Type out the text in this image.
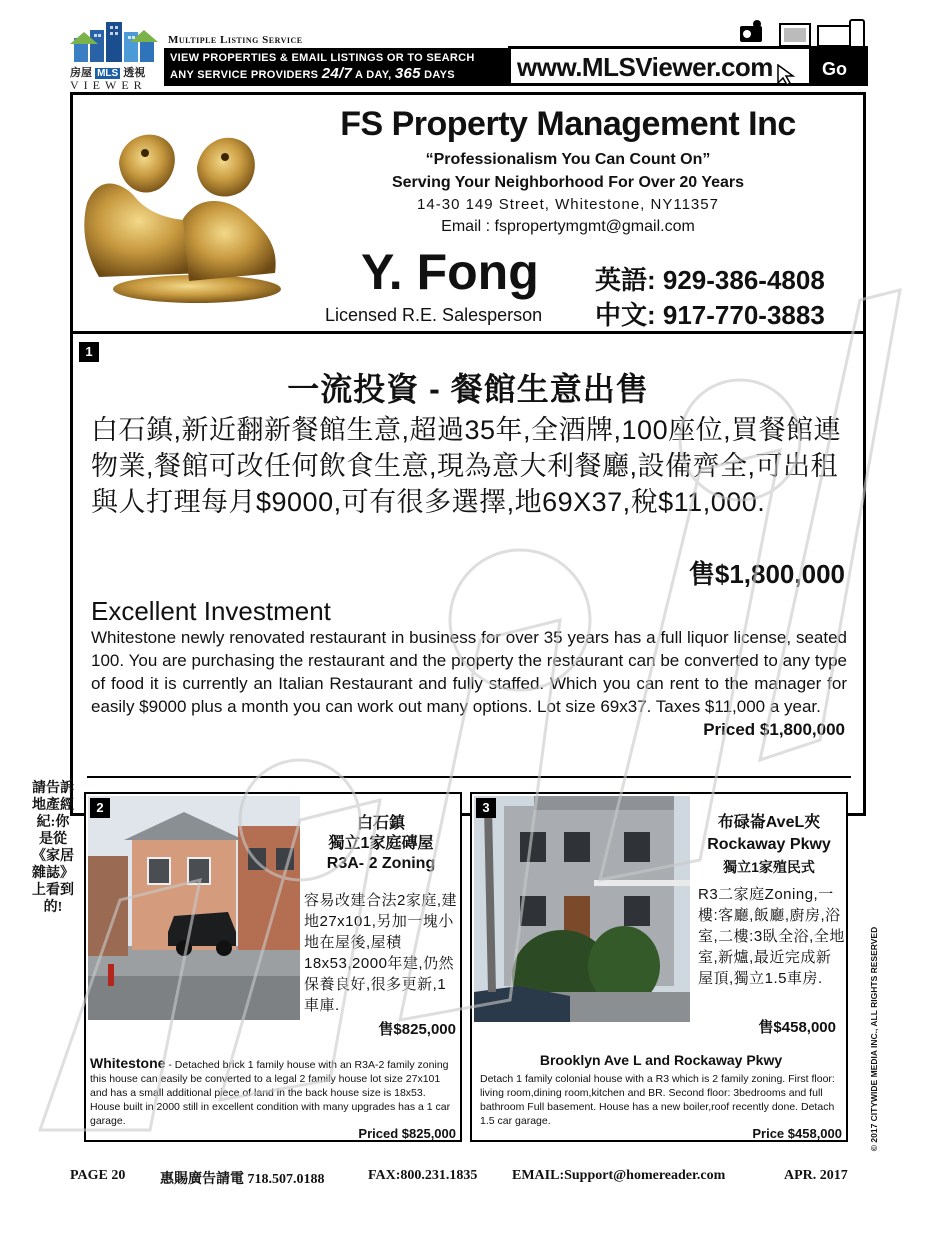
房屋 MLS 透視
VIEWER
Multiple Listing Service
VIEW PROPERTIES & EMAIL LISTINGS OR TO SEARCH
ANY SERVICE PROVIDERS 24/7 A DAY, 365 DAYS	www.MLSViewer.com	Go
FS Property Management Inc
“Professionalism You Can Count On”
Serving Your Neighborhood For Over 20 Years
14-30 149 Street, Whitestone, NY11357
Email : fspropertymgmt@gmail.com
Y. Fong
Licensed R.E. Salesperson
英語: 929-386-4808
中文: 917-770-3883
1
一流投資 - 餐館生意出售
白石鎮,新近翻新餐館生意,超過35年,全酒牌,100座位,買餐館連物業,餐館可改任何飲食生意,現為意大利餐廳,設備齊全,可出租與人打理每月$9000,可有很多選擇,地69X37,稅$11,000.
售$1,800,000
Excellent Investment
Whitestone newly renovated restaurant in business for over 35 years has a full liquor license, seated 100. You are purchasing the restaurant and the property the restaurant can be converted to any type of food it is currently an Italian Restaurant and fully staffed. Which you can rent to the manager for easily $9000 plus a month you can work out many options. Lot size 69x37. Taxes $11,000 a year.
Priced $1,800,000
2
白石鎮
獨立1家庭磚屋
R3A- 2 Zoning
容易改建合法2家庭,建地27x101,另加一塊小地在屋後,屋積18x53,2000年建,仍然保養良好,很多更新,1車庫.
售$825,000
Whitestone - Detached brick 1 family house with an R3A-2 family zoning this house can easily be converted to a legal 2 family house lot size 27x101 and has a small additional piece of land in the back house size is 18x53. House built in 2000 still in excellent condition with many upgrades has a 1 car garage.
Priced $825,000
3
布碌崙AveL夾
Rockaway Pkwy
獨立1家殖民式
R3二家庭Zoning,一樓:客廳,飯廳,廚房,浴室,二樓:3臥全浴,全地室,新爐,最近完成新屋頂,獨立1.5車房.
售$458,000
Brooklyn Ave L and Rockaway Pkwy
Detach 1 family colonial house with a R3 which is 2 family zoning. First floor: living room,dining room,kitchen and BR. Second floor: 3bedrooms and full bathroom Full basement. House has a new boiler,roof recently done. Detach 1.5 car garage.
Price $458,000
請告訴地產經紀:你是從《家居雜誌》上看到的!
© 2017 CITYWIDE MEDIA INC., ALL RIGHTS RESERVED
PAGE 20 惠賜廣告請電 718.507.0188	FAX:800.231.1835 EMAIL:Support@homereader.com	APR. 2017
